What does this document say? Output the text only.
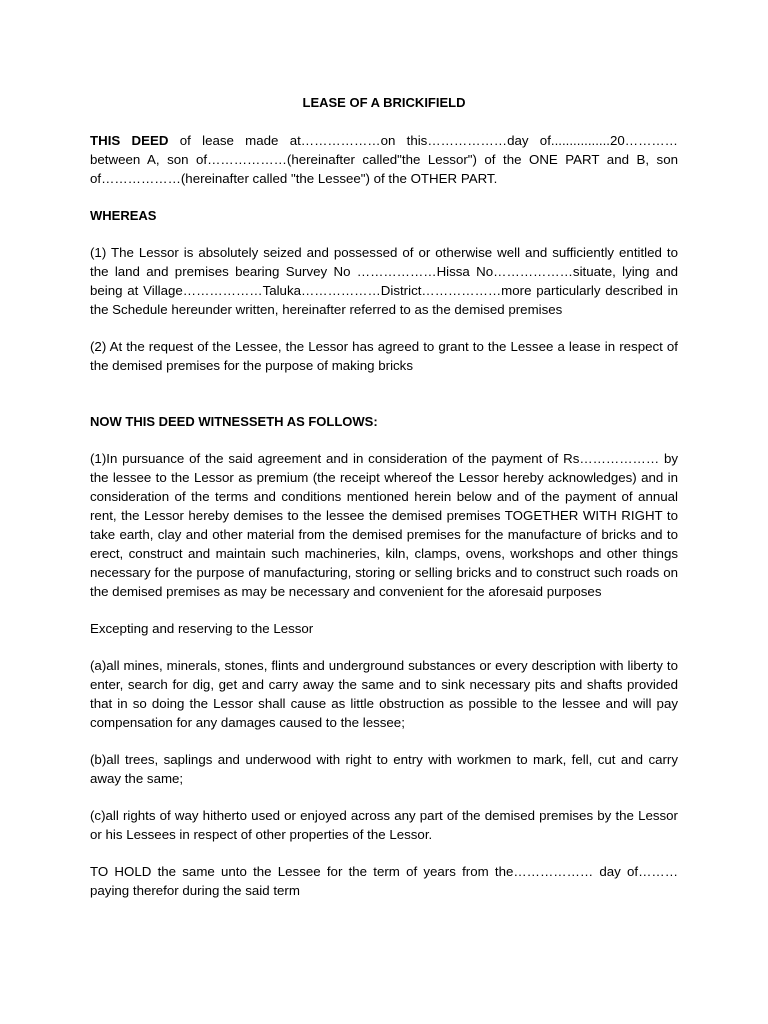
LEASE OF A BRICKIFIELD

THIS DEED of lease made at………………on this………………day of................20………… between A, son of………………(hereinafter called"the Lessor") of the ONE PART and B, son of………………(hereinafter called "the Lessee") of the OTHER PART.

WHEREAS

(1) The Lessor is absolutely seized and possessed of or otherwise well and sufficiently entitled to the land and premises bearing Survey No ………………Hissa No………………situate, lying and being at Village………………Taluka………………District………………more particularly described in the Schedule hereunder written, hereinafter referred to as the demised premises

(2) At the request of the Lessee, the Lessor has agreed to grant to the Lessee a lease in respect of the demised premises for the purpose of making bricks

NOW THIS DEED WITNESSETH AS FOLLOWS:

(1)In pursuance of the said agreement and in consideration of the payment of Rs……………… by the lessee to the Lessor as premium (the receipt whereof the Lessor hereby acknowledges) and in consideration of the terms and conditions mentioned herein below and of the payment of annual rent, the Lessor hereby demises to the lessee the demised premises TOGETHER WITH RIGHT to take earth, clay and other material from the demised premises for the manufacture of bricks and to erect, construct and maintain such machineries, kiln, clamps, ovens, workshops and other things necessary for the purpose of manufacturing, storing or selling bricks and to construct such roads on the demised premises as may be necessary and convenient for the aforesaid purposes

Excepting and reserving to the Lessor

(a)all mines, minerals, stones, flints and underground substances or every description with liberty to enter, search for dig, get and carry away the same and to sink necessary pits and shafts provided that in so doing the Lessor shall cause as little obstruction as possible to the lessee and will pay compensation for any damages caused to the lessee;

(b)all trees, saplings and underwood with right to entry with workmen to mark, fell, cut and carry away the same;

(c)all rights of way hitherto used or enjoyed across any part of the demised premises by the Lessor or his Lessees in respect of other properties of the Lessor.

TO HOLD the same unto the Lessee for the term of years from the……………… day of……… paying therefor during the said term
